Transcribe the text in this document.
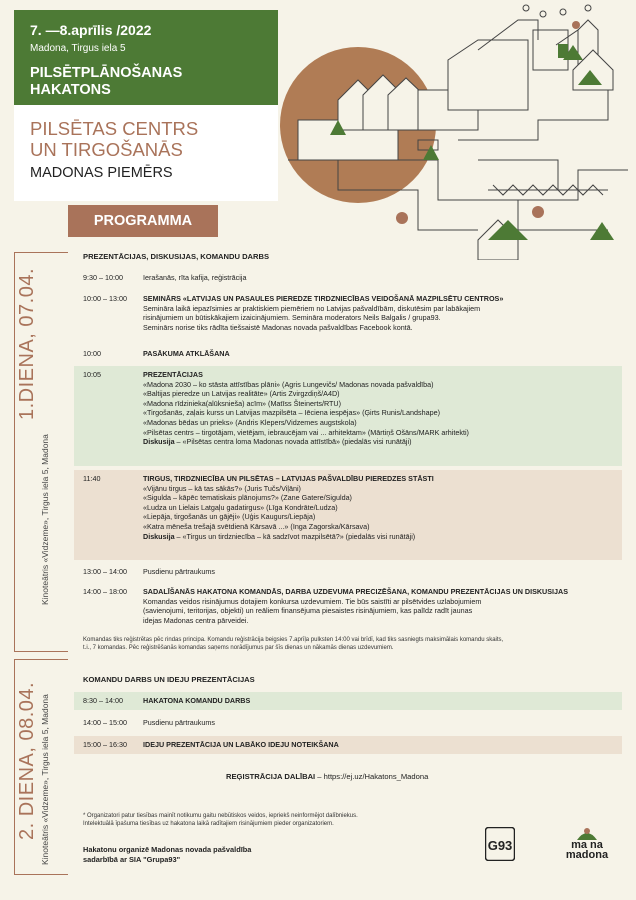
7. —8.aprīlis /2022
Madona, Tirgus iela 5
PILSĒTPLĀNOŠANAS
HAKATONS
PILSĒTAS CENTRS
UN TIRGOŠANĀS
MADONAS PIEMĒRS
PROGRAMMA
1.DIENA, 07.04.
Kinoteātris «Vidzeme», Tirgus iela 5, Madona
2. DIENA, 08.04. Kinoteātris «Vidzeme», Tirgus iela 5, Madona
PREZENTĀCIJAS, DISKUSIJAS, KOMANDU DARBS
9:30 – 10:00	Ierašanās, rīta kafija, reģistrācija
10:00 – 13:00 SEMINĀRS «LATVIJAS UN PASAULES PIEREDZE TIRDZNIECĪBAS VEIDOŠANĀ MAZPILSĒTU CENTROS»
Semināra laikā iepazīsimies ar praktiskiem piemēriem no Latvijas pašvaldībām, diskutēsim par labākajiem
risinājumiem un būtiskākajiem izaicinājumiem. Semināra moderators Neils Balgalis / grupa93.
Seminārs norise tiks rādīta tiešsaistē Madonas novada pašvaldības Facebook kontā.
10:00	PASĀKUMA ATKLĀŠANA
10:05	PREZENTĀCIJAS
«Madona 2030 – ko stāsta attīstības plāni» (Agris Lungevičs/ Madonas novada pašvaldība)
«Baltijas pieredze un Latvijas realitāte» (Artis Zvirgzdiņš/A4D)
«Madona rīdzinieka(alūksnieša) acīm» (Matīss Šteinerts/RTU)
«Tirgošanās, zaļais kurss un Latvijas mazpilsēta – Iēciena iespējas» (Ģirts Runis/Landshape)
«Madonas bēdas un prieks» (Andris Klepers/Vidzemes augstskola)
«Pilsētas centrs – tirgotājam, vietējam, iebraucējam vai ... arhitektam» (Mārtiņš Ošāns/MARK arhitekti)
Diskusija – «Pilsētas centra loma Madonas novada attīstībā» (piedalās visi runātāji)
11:40	TIRGUS, TIRDZNIECĪBA UN PILSĒTAS – LATVIJAS PAŠVALDĪBU PIEREDZES STĀSTI
«Vijānu tirgus – kā tas sākās?» (Juris Tučs/Viļāni)
«Sigulda – kāpēc tematiskais plānojums?» (Zane Gatere/Sigulda)
«Ludza un Lielais Latgaļu gadatirgus» (Līga Kondrāte/Ludza)
«Liepāja, tirgošanās un gājēji» (Uģis Kaugurs/Liepāja)
«Katra mēneša trešajā svētdienā Kārsavā ...» (Inga Zagorska/Kārsava)
Diskusija – «Tirgus un tirdzniecība – kā sadzīvot mazpilsētā?» (piedalās visi runātāji)
13:00 – 14:00 Pusdienu pārtraukums
14:00 – 18:00 SADALĪŠANĀS HAKATONA KOMANDĀS, DARBA UZDEVUMA PRECIZĒŠANA, KOMANDU PREZENTĀCIJAS UN DISKUSIJAS
Komandas veidos risinājumus dotajiem konkursa uzdevumiem. Tie būs saistīti ar pilsētvides uzlabojumiem
(savienojumi, teritorijas, objekti) un reāliem finansējuma piesaistes risinājumiem, kas palīdz radīt jaunas
idejas Madonas centra pārveidei.
Komandas tiks reģistrētas pēc rindas principa. Komandu reģistrācija beigsies 7.aprīļa pulksten 14:00 vai brīdī, kad tiks sasniegts maksimālais komandu skaits,
t.i., 7 komandas. Pēc reģistrēšanās komandas saņems norādījumus par šīs dienas un nākamās dienas uzdevumiem.
KOMANDU DARBS UN IDEJU PREZENTĀCIJAS
8:30 – 14:00	HAKATONA KOMANDU DARBS
14:00 – 15:00 Pusdienu pārtraukums
15:00 – 16:30 IDEJU PREZENTĀCIJA UN LABĀKO IDEJU NOTEIKŠANA
REĢISTRĀCIJA DALĪBAI – https://ej.uz/Hakatons_Madona
* Organizatori patur tiesības mainīt notikumu gaitu nebūtiskos veidos, iepriekš neinformējot dalībniekus.
Intelektuālā īpašuma tiesības uz hakatona laikā radītajiem risinājumiem pieder organizatoriem.
Hakatonu organizē Madonas novada pašvaldība
sadarbībā ar SIA "Grupa93"
G93	ma na
madona
